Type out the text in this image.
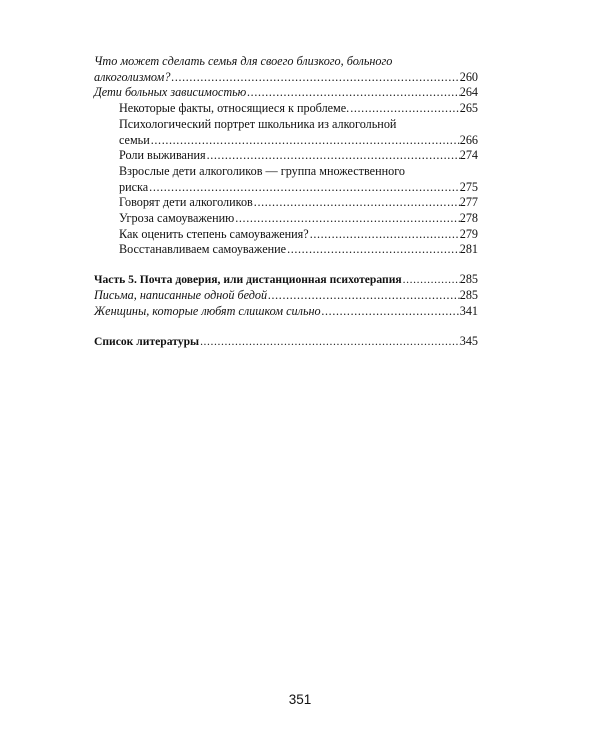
Что может сделать семья для своего близкого, больного
алкоголизмом? .....	260
Дети больных зависимостью .....	264
Некоторые факты, относящиеся к проблеме. .....	265
Психологический портрет школьника из алкогольной
семьи .....	266
Роли выживания .....	274
Взрослые дети алкоголиков — группа множественного
риска .....	275
Говорят дети алкоголиков .....	277
Угроза самоуважению .....	278
Как оценить степень самоуважения? .....	279
Восстанавливаем самоуважение .....	281
Часть 5. Почта доверия, или дистанционная психотерапия .....	285
Письма, написанные одной бедой .....	285
Женщины, которые любят слишком сильно .....	341
Список литературы .....	345
351
